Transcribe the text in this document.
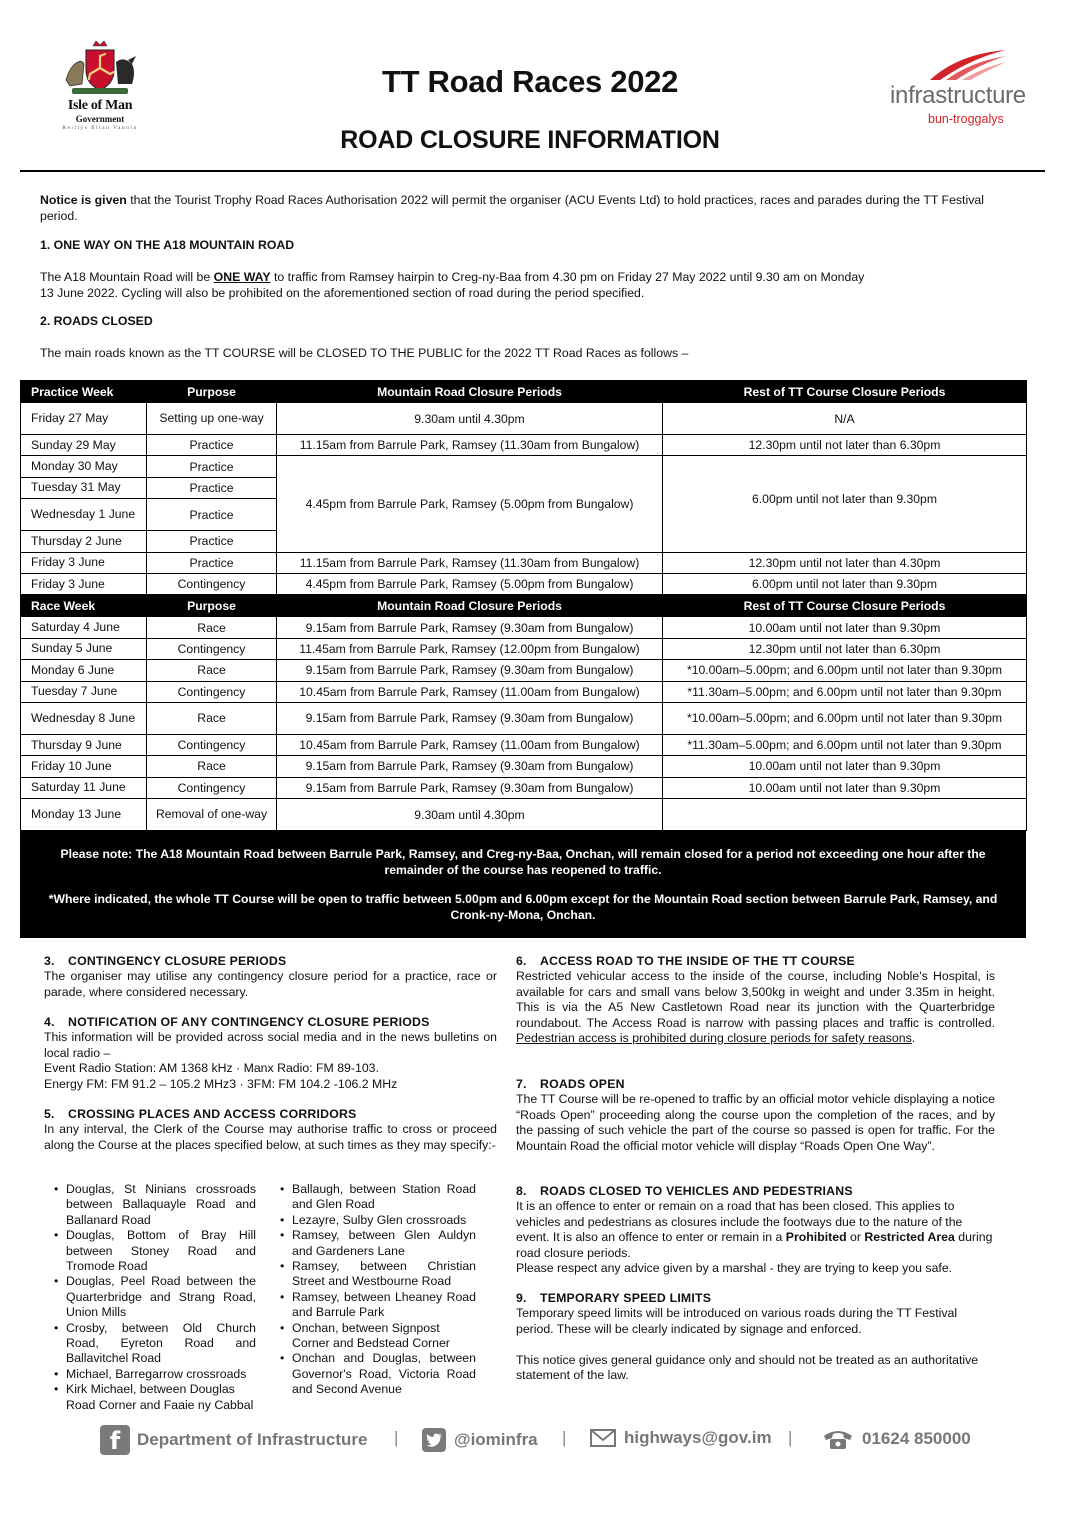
Isle of Man
Government
Reiltys Ellan Vannin
TT Road Races 2022
ROAD CLOSURE INFORMATION
infrastructure
bun-troggalys
Notice is given that the Tourist Trophy Road Races Authorisation 2022 will permit the organiser (ACU Events Ltd) to hold practices, races and parades during the TT Festival period.
1. ONE WAY ON THE A18 MOUNTAIN ROAD
The A18 Mountain Road will be ONE WAY to traffic from Ramsey hairpin to Creg-ny-Baa from 4.30 pm on Friday 27 May 2022 until 9.30 am on Monday 13 June 2022. Cycling will also be prohibited on the aforementioned section of road during the period specified.
2. ROADS CLOSED
The main roads known as the TT COURSE will be CLOSED TO THE PUBLIC for the 2022 TT Road Races as follows –
Practice Week	Purpose	Mountain Road Closure Periods	Rest of TT Course Closure Periods
Friday 27 May	Setting up one-way	9.30am until 4.30pm	N/A
Sunday 29 May	Practice	11.15am from Barrule Park, Ramsey (11.30am from Bungalow)	12.30pm until not later than 6.30pm
Monday 30 May	Practice	4.45pm from Barrule Park, Ramsey (5.00pm from Bungalow)	6.00pm until not later than 9.30pm
Tuesday 31 May	Practice		
Wednesday 1 June	Practice		
Thursday 2 June	Practice		
Friday 3 June	Practice	11.15am from Barrule Park, Ramsey (11.30am from Bungalow)	12.30pm until not later than 4.30pm
Friday 3 June	Contingency	4.45pm from Barrule Park, Ramsey (5.00pm from Bungalow)	6.00pm until not later than 9.30pm
Race Week	Purpose	Mountain Road Closure Periods	Rest of TT Course Closure Periods
Saturday 4 June	Race	9.15am from Barrule Park, Ramsey (9.30am from Bungalow)	10.00am until not later than 9.30pm
Sunday 5 June	Contingency	11.45am from Barrule Park, Ramsey (12.00pm from Bungalow)	12.30pm until not later than 6.30pm
Monday 6 June	Race	9.15am from Barrule Park, Ramsey (9.30am from Bungalow)	*10.00am–5.00pm; and 6.00pm until not later than 9.30pm
Tuesday 7 June	Contingency	10.45am from Barrule Park, Ramsey (11.00am from Bungalow)	*11.30am–5.00pm; and 6.00pm until not later than 9.30pm
Wednesday 8 June	Race	9.15am from Barrule Park, Ramsey (9.30am from Bungalow)	*10.00am–5.00pm; and 6.00pm until not later than 9.30pm
Thursday 9 June	Contingency	10.45am from Barrule Park, Ramsey (11.00am from Bungalow)	*11.30am–5.00pm; and 6.00pm until not later than 9.30pm
Friday 10 June	Race	9.15am from Barrule Park, Ramsey (9.30am from Bungalow)	10.00am until not later than 9.30pm
Saturday 11 June	Contingency	9.15am from Barrule Park, Ramsey (9.30am from Bungalow)	10.00am until not later than 9.30pm
Monday 13 June	Removal of one-way	9.30am until 4.30pm	

Please note: The A18 Mountain Road between Barrule Park, Ramsey, and Creg-ny-Baa, Onchan, will remain closed for a period not exceeding one hour after the remainder of the course has reopened to traffic.

*Where indicated, the whole TT Course will be open to traffic between 5.00pm and 6.00pm except for the Mountain Road section between Barrule Park, Ramsey, and Cronk-ny-Mona, Onchan.

3. CONTINGENCY CLOSURE PERIODS
The organiser may utilise any contingency closure period for a practice, race or parade, where considered necessary.
4. NOTIFICATION OF ANY CONTINGENCY CLOSURE PERIODS
This information will be provided across social media and in the news bulletins on local radio –
Event Radio Station: AM 1368 kHz · Manx Radio: FM 89-103.
Energy FM: FM 91.2 – 105.2 MHz3 · 3FM: FM 104.2 -106.2 MHz
5. CROSSING PLACES AND ACCESS CORRIDORS
In any interval, the Clerk of the Course may authorise traffic to cross or proceed along the Course at the places specified below, at such times as they may specify:-
• Douglas, St Ninians crossroads between Ballaquayle Road and Ballanard Road
• Douglas, Bottom of Bray Hill between Stoney Road and Tromode Road
• Douglas, Peel Road between the Quarterbridge and Strang Road, Union Mills
• Crosby, between Old Church Road, Eyreton Road and Ballavitchel Road
• Michael, Barregarrow crossroads
• Kirk Michael, between Douglas Road Corner and Faaie ny Cabbal
• Ballaugh, between Station Road and Glen Road
• Lezayre, Sulby Glen crossroads
• Ramsey, between Glen Auldyn and Gardeners Lane
• Ramsey, between Christian Street and Westbourne Road
• Ramsey, between Lheaney Road and Barrule Park
• Onchan, between Signpost Corner and Bedstead Corner
• Onchan and Douglas, between Governor's Road, Victoria Road and Second Avenue
6. ACCESS ROAD TO THE INSIDE OF THE TT COURSE
Restricted vehicular access to the inside of the course, including Noble's Hospital, is available for cars and small vans below 3,500kg in weight and under 3.35m in height. This is via the A5 New Castletown Road near its junction with the Quarterbridge roundabout. The Access Road is narrow with passing places and traffic is controlled. Pedestrian access is prohibited during closure periods for safety reasons.
7. ROADS OPEN
The TT Course will be re-opened to traffic by an official motor vehicle displaying a notice “Roads Open” proceeding along the course upon the completion of the races, and by the passing of such vehicle the part of the course so passed is open for traffic. For the Mountain Road the official motor vehicle will display “Roads Open One Way”.
8. ROADS CLOSED TO VEHICLES AND PEDESTRIANS
It is an offence to enter or remain on a road that has been closed. This applies to vehicles and pedestrians as closures include the footways due to the nature of the event. It is also an offence to enter or remain in a Prohibited or Restricted Area during road closure periods.
Please respect any advice given by a marshal - they are trying to keep you safe.
9. TEMPORARY SPEED LIMITS
Temporary speed limits will be introduced on various roads during the TT Festival period. These will be clearly indicated by signage and enforced.
This notice gives general guidance only and should not be treated as an authoritative statement of the law.
f Department of Infrastructure |	@iominfra |	highways@gov.im |	01624 850000
